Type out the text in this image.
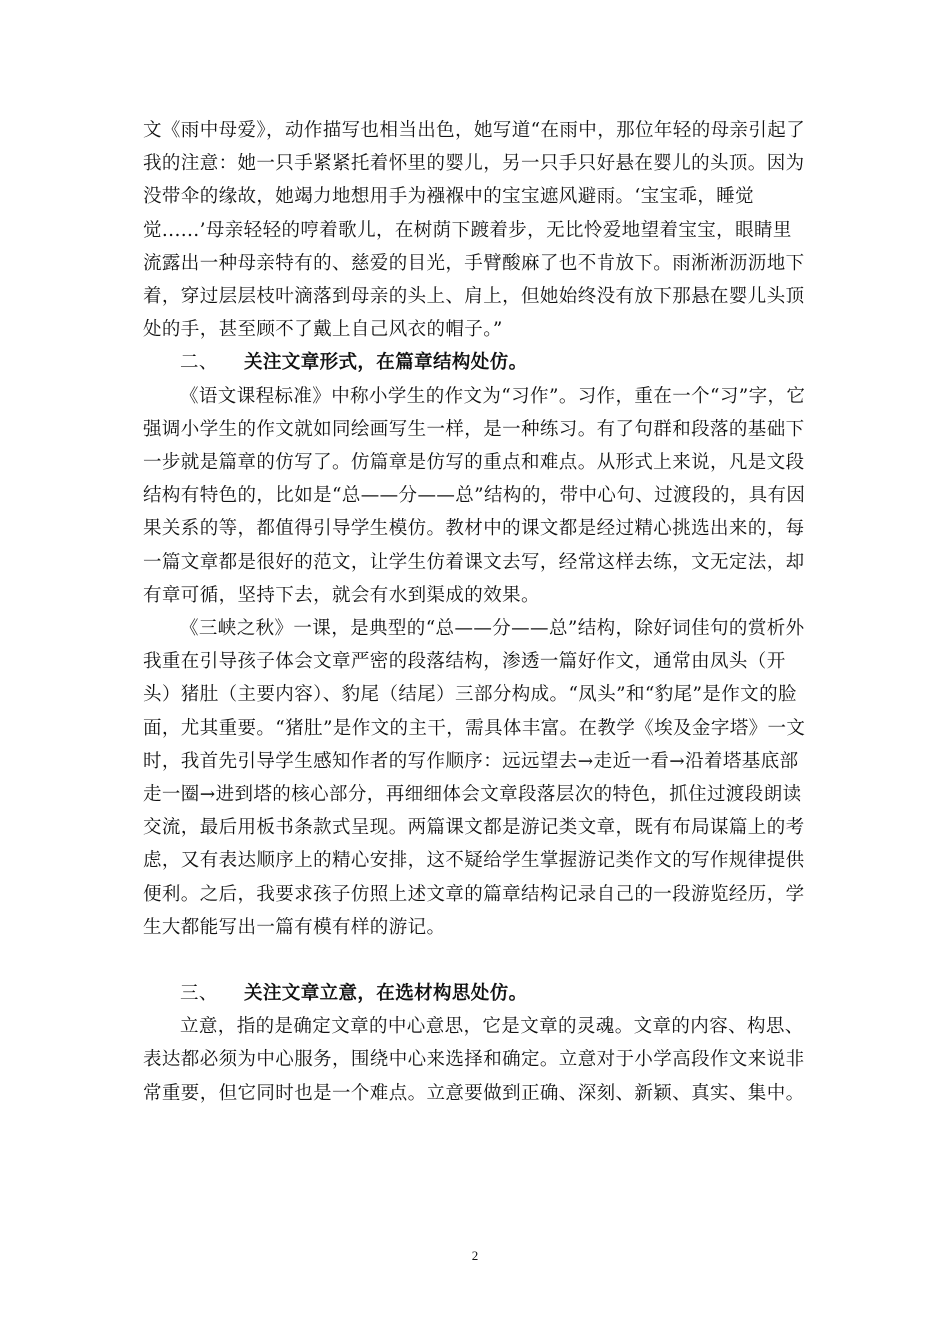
文《雨中母爱》，动作描写也相当出色，她写道“在雨中，那位年轻的母亲引起了我的注意：她一只手紧紧托着怀里的婴儿，另一只手只好悬在婴儿的头顶。因为没带伞的缘故，她竭力地想用手为襁褓中的宝宝遮风避雨。‘宝宝乖，睡觉觉......’母亲轻轻的哼着歌儿，在树荫下踱着步，无比怜爱地望着宝宝，眼睛里流露出一种母亲特有的、慈爱的目光，手臂酸麻了也不肯放下。雨淅淅沥沥地下着，穿过层层枝叶滴落到母亲的头上、肩上，但她始终没有放下那悬在婴儿头顶处的手，甚至顾不了戴上自己风衣的帽子。”

二、 关注文章形式，在篇章结构处仿。

《语文课程标准》中称小学生的作文为“习作”。习作，重在一个“习”字，它强调小学生的作文就如同绘画写生一样，是一种练习。有了句群和段落的基础下一步就是篇章的仿写了。仿篇章是仿写的重点和难点。从形式上来说，凡是文段结构有特色的，比如是“总——分——总”结构的，带中心句、过渡段的，具有因果关系的等，都值得引导学生模仿。教材中的课文都是经过精心挑选出来的，每一篇文章都是很好的范文，让学生仿着课文去写，经常这样去练，文无定法，却有章可循，坚持下去，就会有水到渠成的效果。

《三峡之秋》一课，是典型的“总——分——总”结构，除好词佳句的赏析外我重在引导孩子体会文章严密的段落结构，渗透一篇好作文，通常由凤头（开头）猪肚（主要内容）、豹尾（结尾）三部分构成。“凤头”和“豹尾”是作文的脸面，尤其重要。“猪肚”是作文的主干，需具体丰富。在教学《埃及金字塔》一文时，我首先引导学生感知作者的写作顺序：远远望去→走近一看→沿着塔基底部走一圈→进到塔的核心部分，再细细体会文章段落层次的特色，抓住过渡段朗读交流，最后用板书条款式呈现。两篇课文都是游记类文章，既有布局谋篇上的考虑，又有表达顺序上的精心安排，这不疑给学生掌握游记类作文的写作规律提供便利。之后，我要求孩子仿照上述文章的篇章结构记录自己的一段游览经历，学生大都能写出一篇有模有样的游记。

三、 关注文章立意，在选材构思处仿。

立意，指的是确定文章的中心意思，它是文章的灵魂。文章的内容、构思、表达都必须为中心服务，围绕中心来选择和确定。立意对于小学高段作文来说非常重要，但它同时也是一个难点。立意要做到正确、深刻、新颖、真实、集中。

2
